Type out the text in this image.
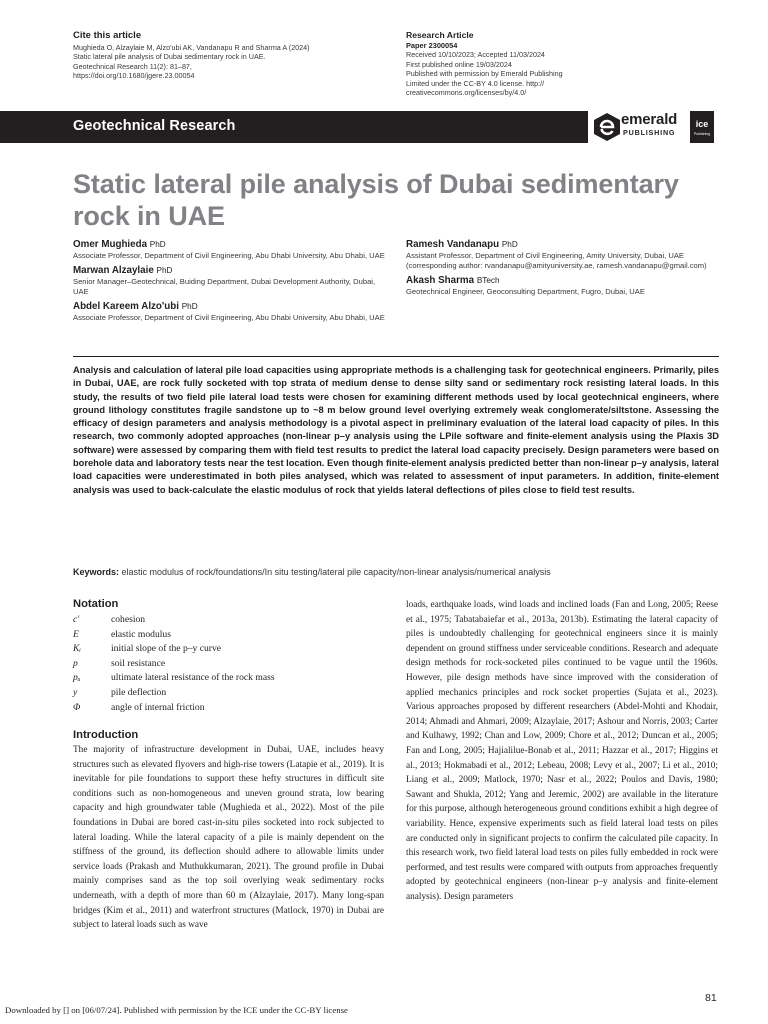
Cite this article
Mughieda O, Alzaylaie M, Alzo'ubi AK, Vandanapu R and Sharma A (2024)
Static lateral pile analysis of Dubai sedimentary rock in UAE.
Geotechnical Research 11(2): 81–87,
https://doi.org/10.1680/jgere.23.00054
Research Article
Paper 2300054
Received 10/10/2023; Accepted 11/03/2024
First published online 19/03/2024
Published with permission by Emerald Publishing
Limited under the CC-BY 4.0 license. http://
creativecommons.org/licenses/by/4.0/
Geotechnical Research	emerald
PUBLISHING
ice
Publishing
Static lateral pile analysis of Dubai sedimentary rock in UAE
Omer Mughieda PhD
Associate Professor, Department of Civil Engineering, Abu Dhabi University, Abu Dhabi, UAE
Marwan Alzaylaie PhD
Senior Manager–Geotechnical, Buiding Department, Dubai Development Authority, Dubai, UAE
Abdel Kareem Alzo'ubi PhD
Associate Professor, Department of Civil Engineering, Abu Dhabi University, Abu Dhabi, UAE
Ramesh Vandanapu PhD
Assistant Professor, Department of Civil Engineering, Amity University, Dubai, UAE (corresponding author: rvandanapu@amityuniversity.ae, ramesh.vandanapu@gmail.com)
Akash Sharma BTech
Geotechnical Engineer, Geoconsulting Department, Fugro, Dubai, UAE
Analysis and calculation of lateral pile load capacities using appropriate methods is a challenging task for geotechnical engineers. Primarily, piles in Dubai, UAE, are rock fully socketed with top strata of medium dense to dense silty sand or sedimentary rock resisting lateral loads. In this study, the results of two field pile lateral load tests were chosen for examining different methods used by local geotechnical engineers, where ground lithology constitutes fragile sandstone up to ~8 m below ground level overlying extremely weak conglomerate/siltstone. Assessing the efficacy of design parameters and analysis methodology is a pivotal aspect in preliminary evaluation of the lateral load capacity of piles. In this research, two commonly adopted approaches (non-linear p–y analysis using the LPile software and finite-element analysis using the Plaxis 3D software) were assessed by comparing them with field test results to predict the lateral load capacity precisely. Design parameters were based on borehole data and laboratory tests near the test location. Even though finite-element analysis predicted better than non-linear p–y analysis, lateral load capacities were underestimated in both piles analysed, which was related to assessment of input parameters. In addition, finite-element analysis was used to back-calculate the elastic modulus of rock that yields lateral deflections of piles close to field test results.
Keywords: elastic modulus of rock/foundations/In situ testing/lateral pile capacity/non-linear analysis/numerical analysis
Notation
c′	cohesion
E	elastic modulus
Kᵢ	initial slope of the p–y curve
p	soil resistance
pᵤ	ultimate lateral resistance of the rock mass
y	pile deflection
Φ	angle of internal friction
Introduction
The majority of infrastructure development in Dubai, UAE, includes heavy structures such as elevated flyovers and high-rise towers (Latapie et al., 2019). It is inevitable for pile foundations to support these hefty structures in difficult site conditions such as non-homogeneous and uneven ground strata, low bearing capacity and high groundwater table (Mughieda et al., 2022). Most of the pile foundations in Dubai are bored cast-in-situ piles socketed into rock subjected to lateral loading. While the lateral capacity of a pile is mainly dependent on the stiffness of the ground, its deflection should adhere to allowable limits under service loads (Prakash and Muthukkumaran, 2021). The ground profile in Dubai mainly comprises sand as the top soil overlying weak sedimentary rocks underneath, with a depth of more than 60 m (Alzaylaie, 2017). Many long-span bridges (Kim et al., 2011) and waterfront structures (Matlock, 1970) in Dubai are subject to lateral loads such as wave
loads, earthquake loads, wind loads and inclined loads (Fan and Long, 2005; Reese et al., 1975; Tabatabaiefar et al., 2013a, 2013b). Estimating the lateral capacity of piles is undoubtedly challenging for geotechnical engineers since it is mainly dependent on ground stiffness under serviceable conditions. Research and adequate design methods for rock-socketed piles continued to be vague until the 1960s. However, pile design methods have since improved with the consideration of applied mechanics principles and rock socket properties (Sujata et al., 2023). Various approaches proposed by different researchers (Abdel-Mohti and Khodair, 2014; Ahmadi and Ahmari, 2009; Alzaylaie, 2017; Ashour and Norris, 2003; Carter and Kulhawy, 1992; Chan and Low, 2009; Chore et al., 2012; Duncan et al., 2005; Fan and Long, 2005; Hajialilue-Bonab et al., 2011; Hazzar et al., 2017; Higgins et al., 2013; Hokmabadi et al., 2012; Lebeau, 2008; Levy et al., 2007; Li et al., 2010; Liang et al., 2009; Matlock, 1970; Nasr et al., 2022; Poulos and Davis, 1980; Sawant and Shukla, 2012; Yang and Jeremic, 2002) are available in the literature for this purpose, although heterogeneous ground conditions exhibit a high degree of variability. Hence, expensive experiments such as field lateral load tests on piles are conducted only in significant projects to confirm the calculated pile capacity. In this research work, two field lateral load tests on piles fully embedded in rock were performed, and test results were compared with outputs from approaches frequently adopted by geotechnical engineers (non-linear p–y analysis and finite-element analysis). Design parameters
Downloaded by [] on [06/07/24]. Published with permission by the ICE under the CC-BY license
81
